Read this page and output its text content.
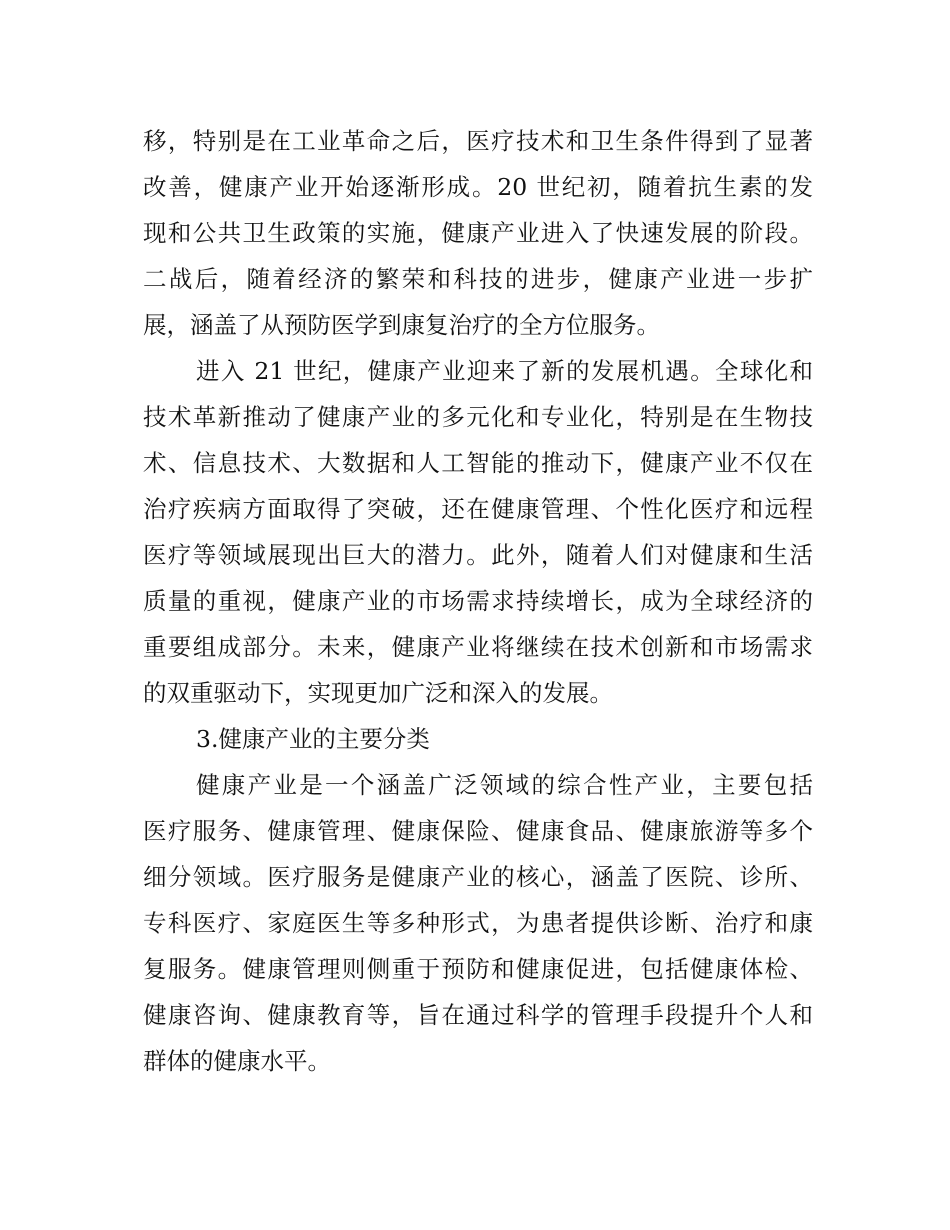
移，特别是在工业革命之后，医疗技术和卫生条件得到了显著
改善，健康产业开始逐渐形成。20 世纪初，随着抗生素的发
现和公共卫生政策的实施，健康产业进入了快速发展的阶段。
二战后，随着经济的繁荣和科技的进步，健康产业进一步扩
展，涵盖了从预防医学到康复治疗的全方位服务。
进入 21 世纪，健康产业迎来了新的发展机遇。全球化和
技术革新推动了健康产业的多元化和专业化，特别是在生物技
术、信息技术、大数据和人工智能的推动下，健康产业不仅在
治疗疾病方面取得了突破，还在健康管理、个性化医疗和远程
医疗等领域展现出巨大的潜力。此外，随着人们对健康和生活
质量的重视，健康产业的市场需求持续增长，成为全球经济的
重要组成部分。未来，健康产业将继续在技术创新和市场需求
的双重驱动下，实现更加广泛和深入的发展。
3.健康产业的主要分类
健康产业是一个涵盖广泛领域的综合性产业，主要包括
医疗服务、健康管理、健康保险、健康食品、健康旅游等多个
细分领域。医疗服务是健康产业的核心，涵盖了医院、诊所、
专科医疗、家庭医生等多种形式，为患者提供诊断、治疗和康
复服务。健康管理则侧重于预防和健康促进，包括健康体检、
健康咨询、健康教育等，旨在通过科学的管理手段提升个人和
群体的健康水平。
